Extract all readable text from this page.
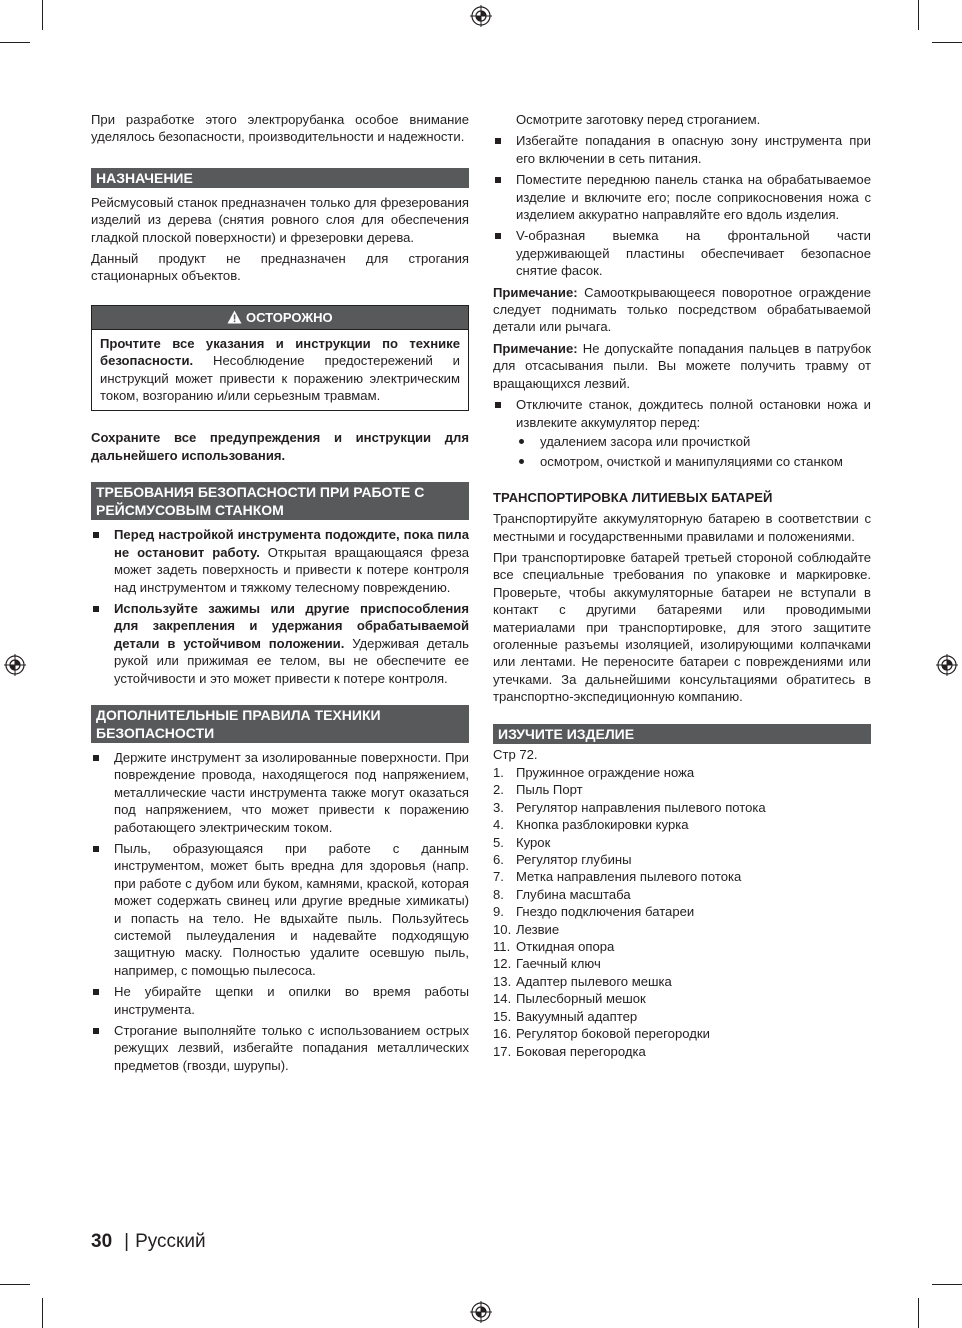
При разработке этого электрорубанка особое внимание уделялось безопасности, производительности и надежности.

НАЗНАЧЕНИЕ

Рейсмусовый станок предназначен только для фрезерования изделий из дерева (снятия ровного слоя для обеспечения гладкой плоской поверхности) и фрезеровки дерева.

Данный продукт не предназначен для строгания стационарных объектов.

ОСТОРОЖНО

Прочтите все указания и инструкции по технике безопасности. Несоблюдение предостережений и инструкций может привести к поражению электрическим током, возгоранию и/или серьезным травмам.

Сохраните все предупреждения и инструкции для дальнейшего использования.

ТРЕБОВАНИЯ БЕЗОПАСНОСТИ ПРИ РАБОТЕ С РЕЙСМУСОВЫМ СТАНКОМ
Перед настройкой инструмента подождите, пока пила не остановит работу. Открытая вращающаяся фреза может задеть поверхность и привести к потере контроля над инструментом и тяжкому телесному повреждению.
Используйте зажимы или другие приспособления для закрепления и удержания обрабатываемой детали в устойчивом положении. Удерживая деталь рукой или прижимая ее телом, вы не обеспечите ее устойчивости и это может привести к потере контроля.
ДОПОЛНИТЕЛЬНЫЕ ПРАВИЛА ТЕХНИКИ БЕЗОПАСНОСТИ
Держите инструмент за изолированные поверхности. При повреждение провода, находящегося под напряжением, металлические части инструмента также могут оказаться под напряжением, что может привести к поражению работающего электрическим током.
Пыль, образующаяся при работе с данным инструментом, может быть вредна для здоровья (напр. при работе с дубом или буком, камнями, краской, которая может содержать свинец или другие вредные химикаты) и попасть на тело. Не вдыхайте пыль. Пользуйтесь системой пылеудаления и надевайте подходящую защитную маску. Полностью удалите осевшую пыль, например, с помощью пылесоса.
Не убирайте щепки и опилки во время работы инструмента.
Строгание выполняйте только с использованием острых режущих лезвий, избегайте попадания металлических предметов (гвозди, шурупы).

Осмотрите заготовку перед строганием.

Избегайте попадания в опасную зону инструмента при его включении в сеть питания.
Поместите переднюю панель станка на обрабатываемое изделие и включите его; после соприкосновения ножа с изделием аккуратно направляйте его вдоль изделия.
V-образная выемка на фронтальной части удерживающей пластины обеспечивает безопасное снятие фасок.

Примечание: Самооткрывающееся поворотное ограждение следует поднимать только посредством обрабатываемой детали или рычага.

Примечание: Не допускайте попадания пальцев в патрубок для отсасывания пыли. Вы можете получить травму от вращающихся лезвий.

Отключите станок, дождитесь полной остановки ножа и извлеките аккумулятор перед:
удалением засора или прочисткой
осмотром, очисткой и манипуляциями со станком
ТРАНСПОРТИРОВКА ЛИТИЕВЫХ БАТАРЕЙ

Транспортируйте аккумуляторную батарею в соответствии с местными и государственными правилами и положениями.

При транспортировке батарей третьей стороной соблюдайте все специальные требования по упаковке и маркировке. Проверьте, чтобы аккумуляторные батареи не вступали в контакт с другими батареями или проводимыми материалами при транспортировке, для этого защитите оголенные разъемы изоляцией, изолирующими колпачками или лентами. Не переносите батареи с повреждениями или утечками. За дальнейшими консультациями обратитесь в транспортно-экспедиционную компанию.

ИЗУЧИТЕ ИЗДЕЛИЕ

Стр 72.

1. Пружинное ограждение ножа
2. Пыль Порт
3. Регулятор направления пылевого потока
4. Кнопка разблокировки курка
5. Курок
6. Регулятор глубины
7. Метка направления пылевого потока
8. Глубина масштаба
9. Гнездо подключения батареи
10. Лезвие
11. Откидная опора
12. Гаечный ключ
13. Адаптер пылевого мешка
14. Пылесборный мешок
15. Вакуумный адаптер
16. Регулятор боковой перегородки
17. Боковая перегородка
30 | Русский
